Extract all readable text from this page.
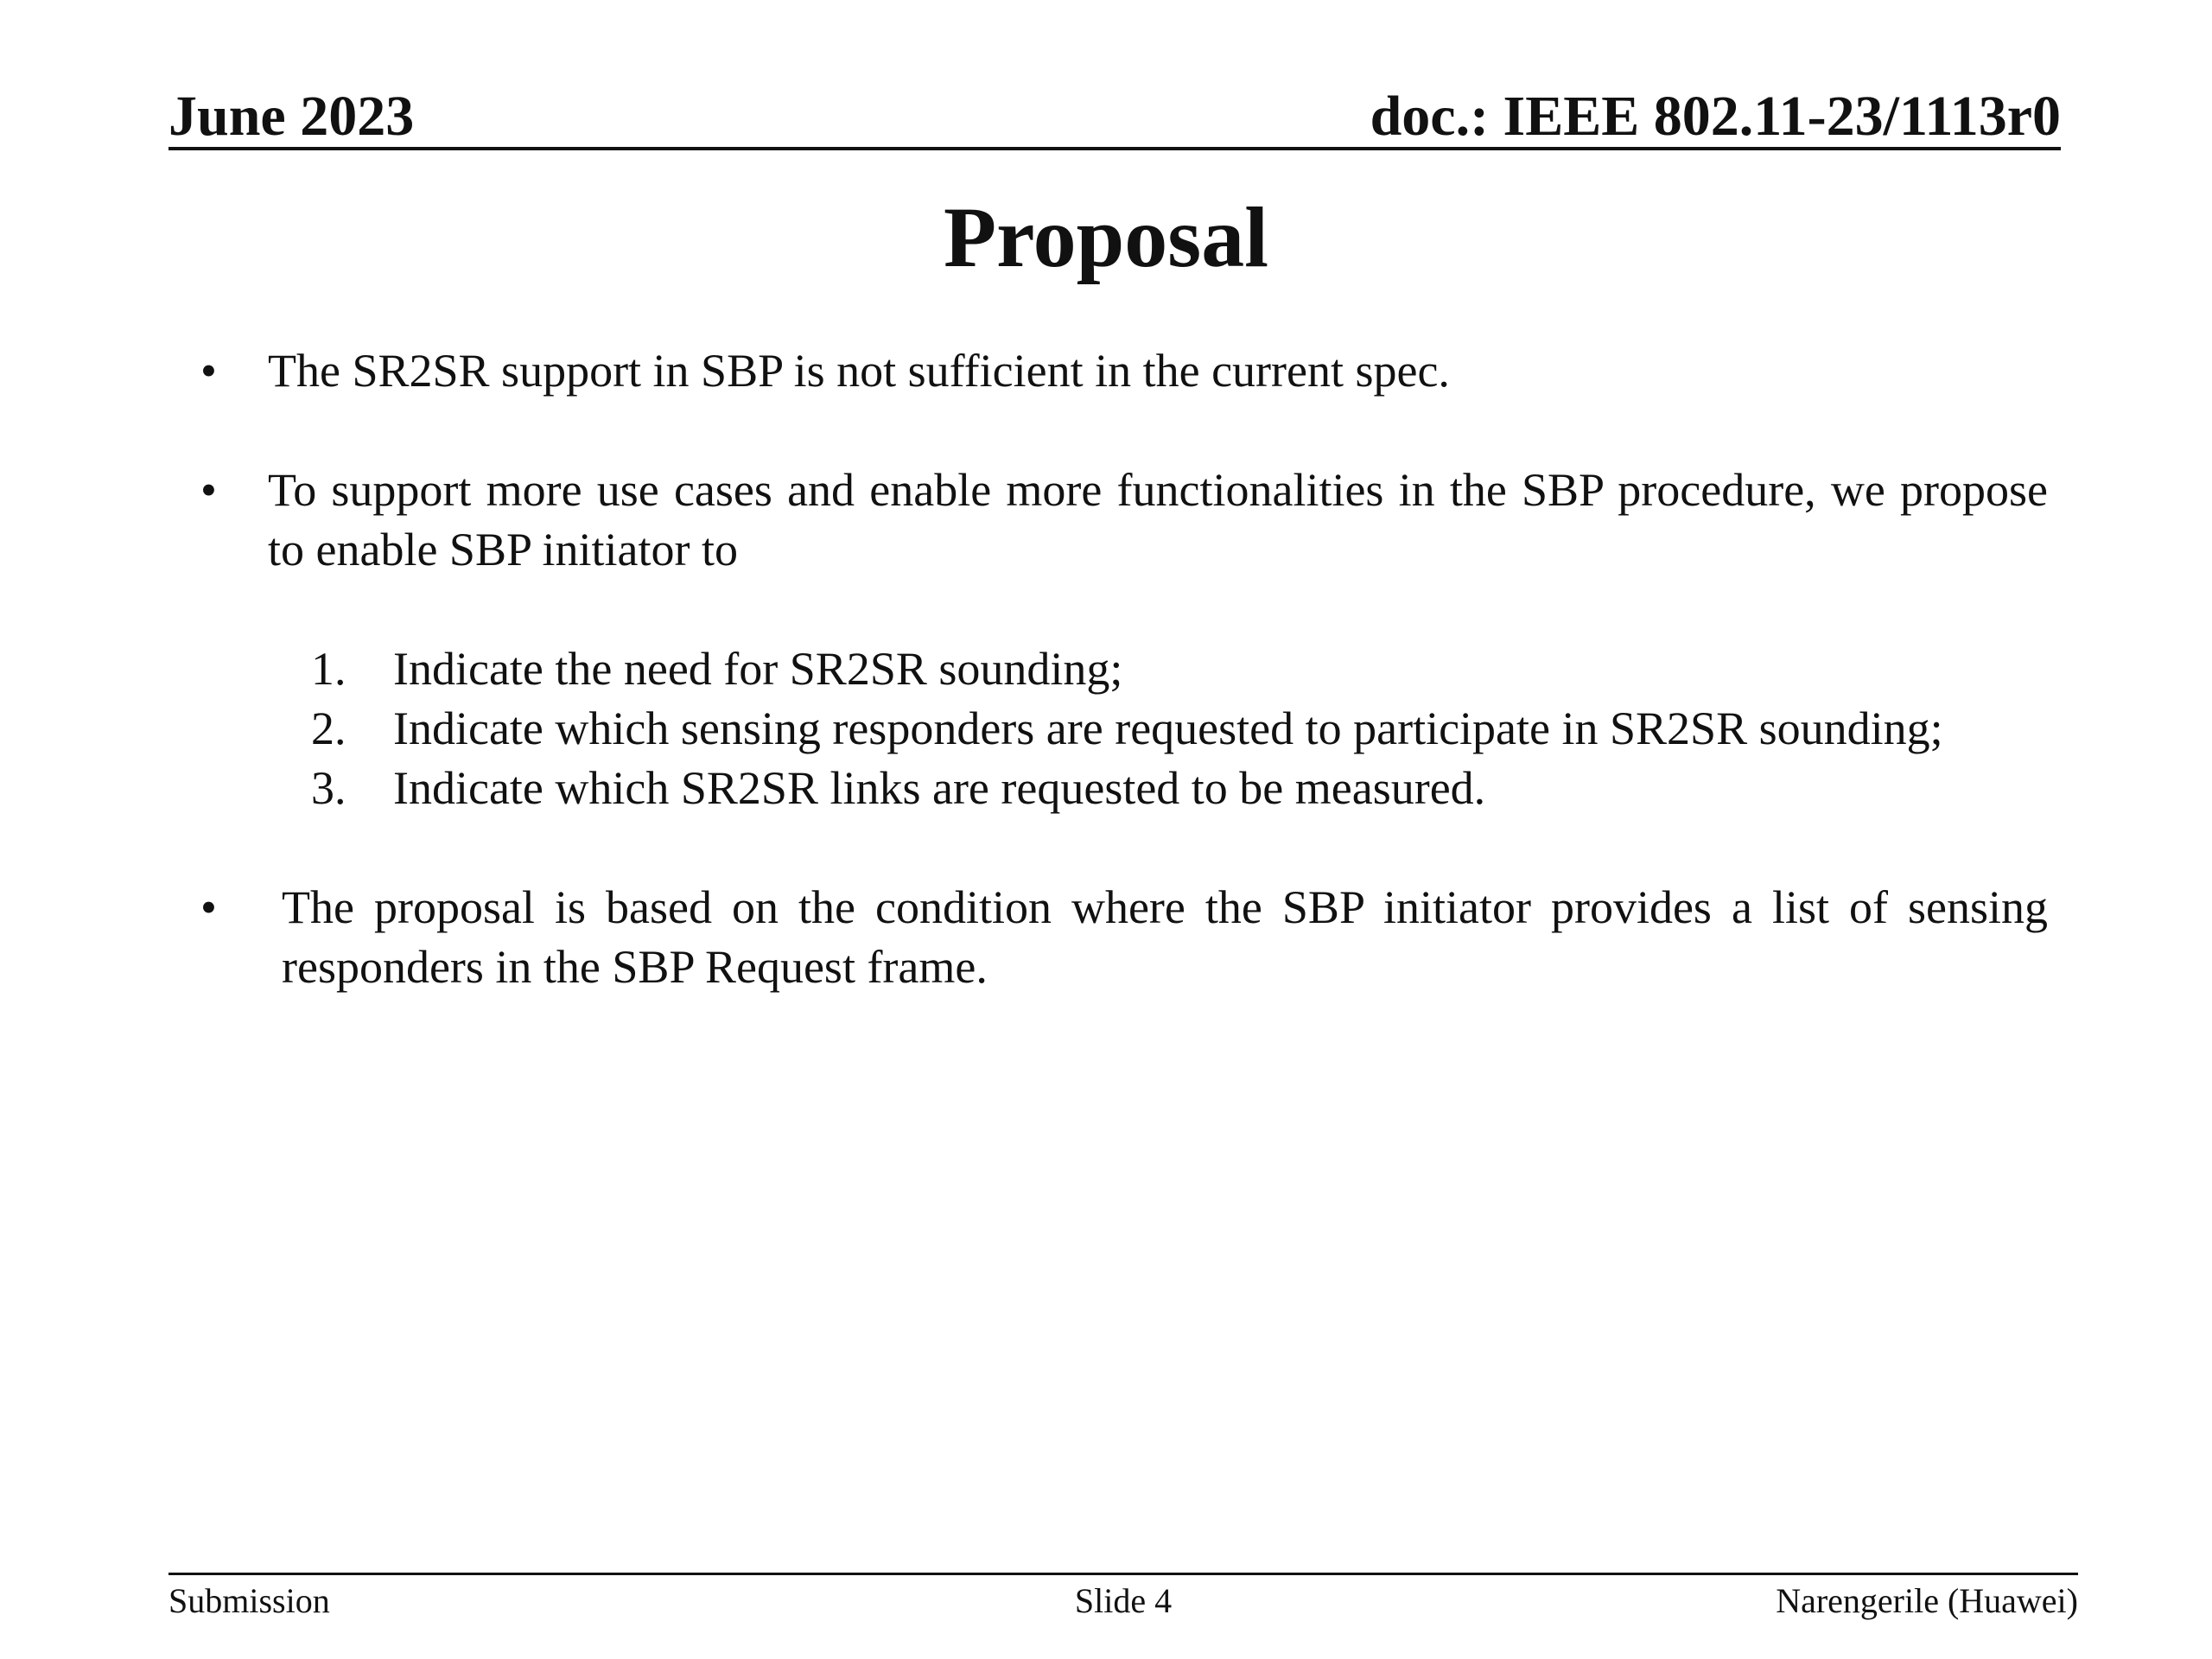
June 2023	doc.: IEEE 802.11-23/1113r0
Proposal
• The SR2SR support in SBP is not sufficient in the current spec.
• To support more use cases and enable more functionalities in the SBP procedure, we propose to enable SBP initiator to
1. Indicate the need for SR2SR sounding;
2. Indicate which sensing responders are requested to participate in SR2SR sounding;
3. Indicate which SR2SR links are requested to be measured.
• The proposal is based on the condition where the SBP initiator provides a list of sensing responders in the SBP Request frame.
Submission	Slide 4	Narengerile (Huawei)
